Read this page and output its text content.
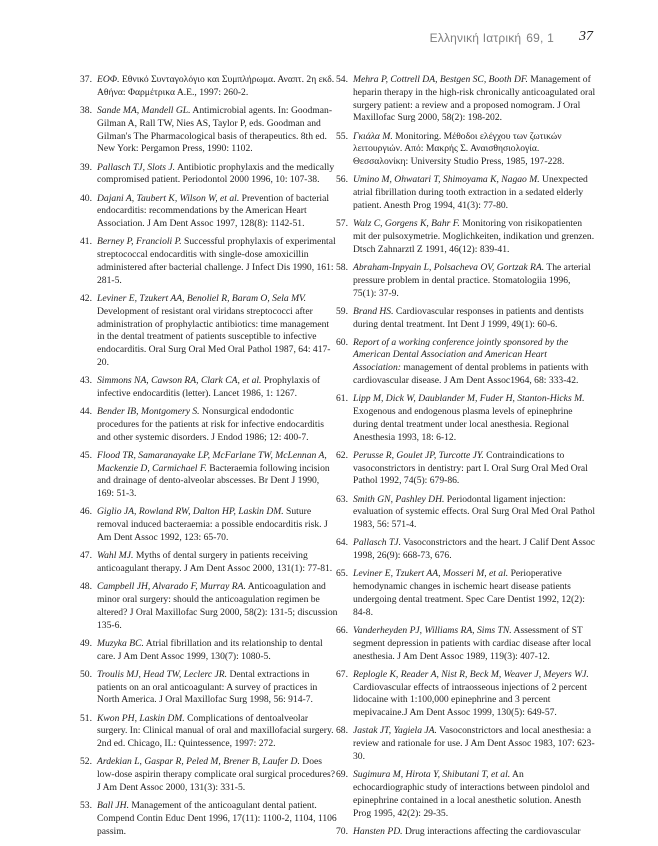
Ελληνική Ιατρική 69, 1 37
37. ΕΟΦ. Εθνικό Συνταγολόγιο και Συμπλήρωμα. Αναπτ. 2η εκδ. Αθήνα: Φαρμέτρικα Α.Ε., 1997: 260-2.
38. Sande MA, Mandell GL. Antimicrobial agents. In: Goodman-Gilman A, Rall TW, Nies AS, Taylor P, eds. Goodman and Gilman's The Pharmacological basis of therapeutics. 8th ed. New York: Pergamon Press, 1990: 1102.
39. Pallasch TJ, Slots J. Antibiotic prophylaxis and the medically compromised patient. Periodontol 2000 1996, 10: 107-38.
40. Dajani A, Taubert K, Wilson W, et al. Prevention of bacterial endocarditis: recommendations by the American Heart Association. J Am Dent Assoc 1997, 128(8): 1142-51.
41. Berney P, Francioli P. Successful prophylaxis of experimental streptococcal endocarditis with single-dose amoxicillin administered after bacterial challenge. J Infect Dis 1990, 161: 281-5.
42. Leviner E, Tzukert AA, Benoliel R, Baram O, Sela MV. Development of resistant oral viridans streptococci after administration of prophylactic antibiotics: time management in the dental treatment of patients susceptible to infective endocarditis. Oral Surg Oral Med Oral Pathol 1987, 64: 417-20.
43. Simmons NA, Cawson RA, Clark CA, et al. Prophylaxis of infective endocarditis (letter). Lancet 1986, 1: 1267.
44. Bender IB, Montgomery S. Nonsurgical endodontic procedures for the patients at risk for infective endocarditis and other systemic disorders. J Endod 1986; 12: 400-7.
45. Flood TR, Samaranayake LP, McFarlane TW, McLennan A, Mackenzie D, Carmichael F. Bacteraemia following incision and drainage of dento-alveolar abscesses. Br Dent J 1990, 169: 51-3.
46. Giglio JA, Rowland RW, Dalton HP, Laskin DM. Suture removal induced bacteraemia: a possible endocarditis risk. J Am Dent Assoc 1992, 123: 65-70.
47. Wahl MJ. Myths of dental surgery in patients receiving anticoagulant therapy. J Am Dent Assoc 2000, 131(1): 77-81.
48. Campbell JH, Alvarado F, Murray RA. Anticoagulation and minor oral surgery: should the anticoagulation regimen be altered? J Oral Maxillofac Surg 2000, 58(2): 131-5; discussion 135-6.
49. Muzyka BC. Atrial fibrillation and its relationship to dental care. J Am Dent Assoc 1999, 130(7): 1080-5.
50. Troulis MJ, Head TW, Leclerc JR. Dental extractions in patients on an oral anticoagulant: A survey of practices in North America. J Oral Maxillofac Surg 1998, 56: 914-7.
51. Kwon PH, Laskin DM. Complications of dentoalveolar surgery. In: Clinical manual of oral and maxillofacial surgery. 2nd ed. Chicago, IL: Quintessence, 1997: 272.
52. Ardekian L, Gaspar R, Peled M, Brener B, Laufer D. Does low-dose aspirin therapy complicate oral surgical procedures? J Am Dent Assoc 2000, 131(3): 331-5.
53. Ball JH. Management of the anticoagulant dental patient. Compend Contin Educ Dent 1996, 17(11): 1100-2, 1104, 1106 passim.
54. Mehra P, Cottrell DA, Bestgen SC, Booth DF. Management of heparin therapy in the high-risk chronically anticoagulated oral surgery patient: a review and a proposed nomogram. J Oral Maxillofac Surg 2000, 58(2): 198-202.
55. Γκιάλα Μ. Monitoring. Μέθοδοι ελέγχου των ζωτικών λειτουργιών. Από: Μακρής Σ. Αναισθησιολογία. Θεσσαλονίκη: University Studio Press, 1985, 197-228.
56. Umino M, Ohwatari T, Shimoyama K, Nagao M. Unexpected atrial fibrillation during tooth extraction in a sedated elderly patient. Anesth Prog 1994, 41(3): 77-80.
57. Walz C, Gorgens K, Bahr F. Monitoring von risikopatienten mit der pulsoxymetrie. Moglichkeiten, indikation und grenzen. Dtsch Zahnarztl Z 1991, 46(12): 839-41.
58. Abraham-Inpyain L, Polsacheva OV, Gortzak RA. The arterial pressure problem in dental practice. Stomatologiia 1996, 75(1): 37-9.
59. Brand HS. Cardiovascular responses in patients and dentists during dental treatment. Int Dent J 1999, 49(1): 60-6.
60. Report of a working conference jointly sponsored by the American Dental Association and American Heart Association: management of dental problems in patients with cardiovascular disease. J Am Dent Assoc1964, 68: 333-42.
61. Lipp M, Dick W, Daublander M, Fuder H, Stanton-Hicks M. Exogenous and endogenous plasma levels of epinephrine during dental treatment under local anesthesia. Regional Anesthesia 1993, 18: 6-12.
62. Perusse R, Goulet JP, Turcotte JY. Contraindications to vasoconstrictors in dentistry: part I. Oral Surg Oral Med Oral Pathol 1992, 74(5): 679-86.
63. Smith GN, Pashley DH. Periodontal ligament injection: evaluation of systemic effects. Oral Surg Oral Med Oral Pathol 1983, 56: 571-4.
64. Pallasch TJ. Vasoconstrictors and the heart. J Calif Dent Assoc 1998, 26(9): 668-73, 676.
65. Leviner E, Tzukert AA, Mosseri M, et al. Perioperative hemodynamic changes in ischemic heart disease patients undergoing dental treatment. Spec Care Dentist 1992, 12(2): 84-8.
66. Vanderheyden PJ, Williams RA, Sims TN. Assessment of ST segment depression in patients with cardiac disease after local anesthesia. J Am Dent Assoc 1989, 119(3): 407-12.
67. Replogle K, Reader A, Nist R, Beck M, Weaver J, Meyers WJ. Cardiovascular effects of intraosseous injections of 2 percent lidocaine with 1:100,000 epinephrine and 3 percent mepivacaine.J Am Dent Assoc 1999, 130(5): 649-57.
68. Jastak JT, Yagiela JA. Vasoconstrictors and local anesthesia: a review and rationale for use. J Am Dent Assoc 1983, 107: 623-30.
69. Sugimura M, Hirota Y, Shibutani T, et al. An echocardiographic study of interactions between pindolol and epinephrine contained in a local anesthetic solution. Anesth Prog 1995, 42(2): 29-35.
70. Hansten PD. Drug interactions affecting the cardiovascular
